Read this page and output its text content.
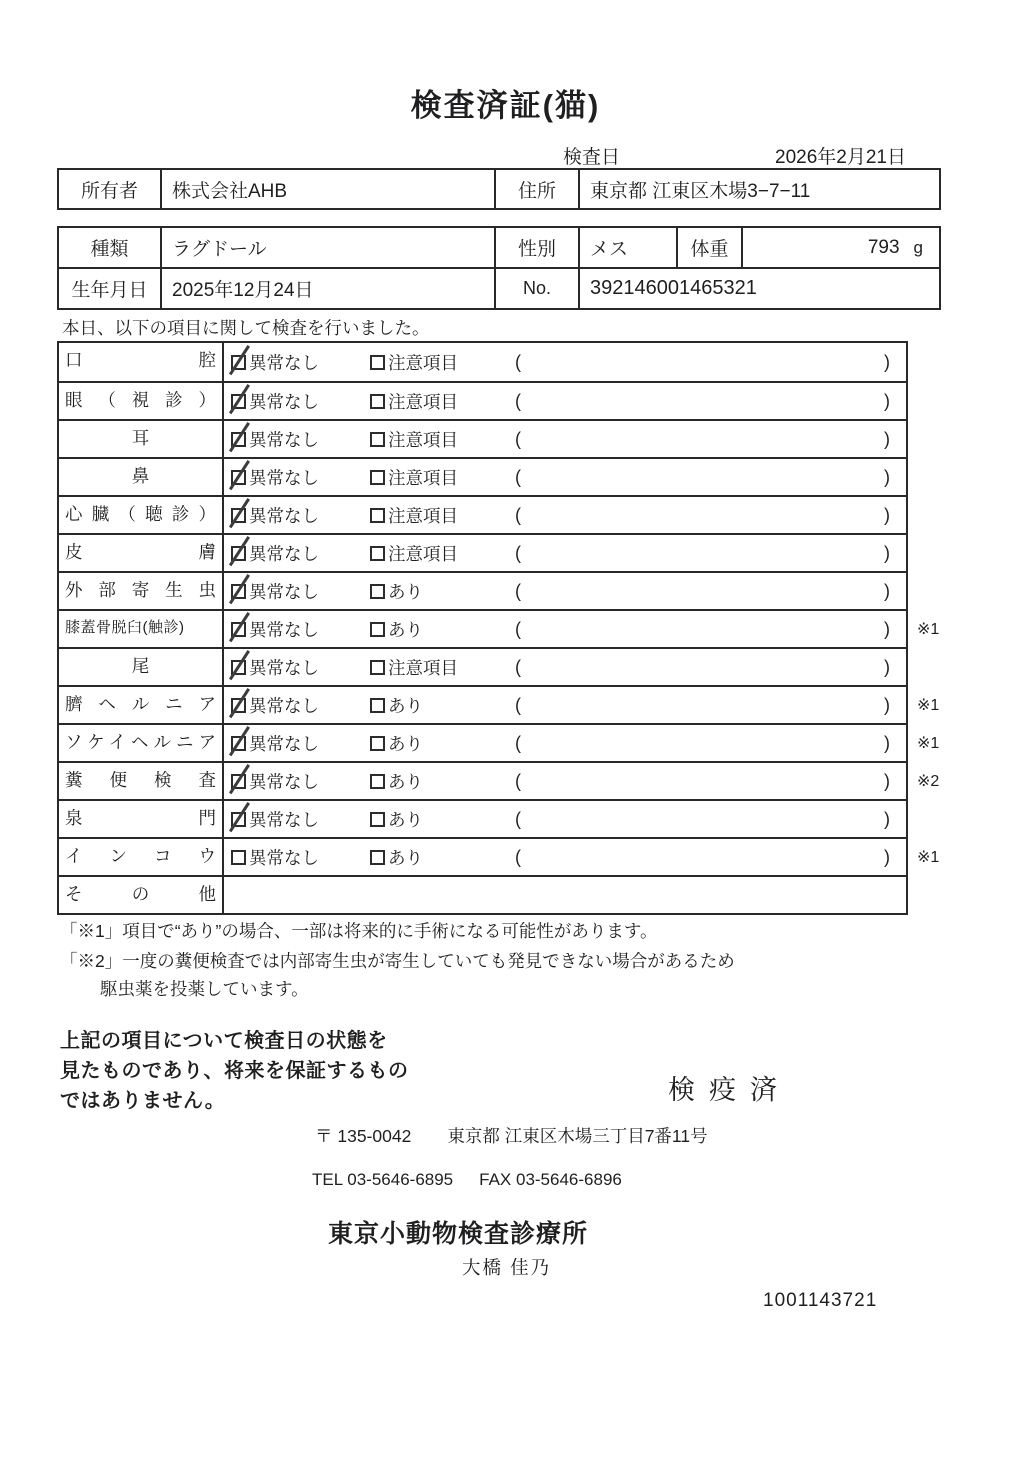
検査済証(猫)
検査日	2026年2月21日
所有者	株式会社AHB	住所	東京都 江東区木場3−7−11
種類	ラグドール	性別	メス	体重	793 g
生年月日	2025年12月24日	No.	392146001465321
本日、以下の項目に関して検査を行いました。
口腔	異常なし	注意項目	(	)
眼（視診）	異常なし	注意項目	(	)
耳	異常なし	注意項目	(	)
鼻	異常なし	注意項目	(	)
心臓（聴診）	異常なし	注意項目	(	)
皮膚	異常なし	注意項目	(	)
外部寄生虫	異常なし	あり	(	)
膝蓋骨脱臼(触診)	異常なし	あり	(	) ※1
尾	異常なし	注意項目	(	)
臍ヘルニア	異常なし	あり	(	) ※1
ソケイヘルニア	異常なし	あり	(	) ※1
糞便検査	異常なし	あり	(	) ※2
泉門	異常なし	あり	(	)
インコウ	異常なし	あり	(	) ※1
その他
「※1」項目で“あり”の場合、一部は将来的に手術になる可能性があります。
「※2」一度の糞便検査では内部寄生虫が寄生していても発見できない場合があるため
駆虫薬を投薬しています。
上記の項目について検査日の状態を
見たものであり、将来を保証するもの
ではありません。	検疫済
〒 135-0042 東京都 江東区木場三丁目7番11号
TEL 03-5646-6895 FAX 03-5646-6896
東京小動物検査診療所
大橋 佳乃
1001143721
